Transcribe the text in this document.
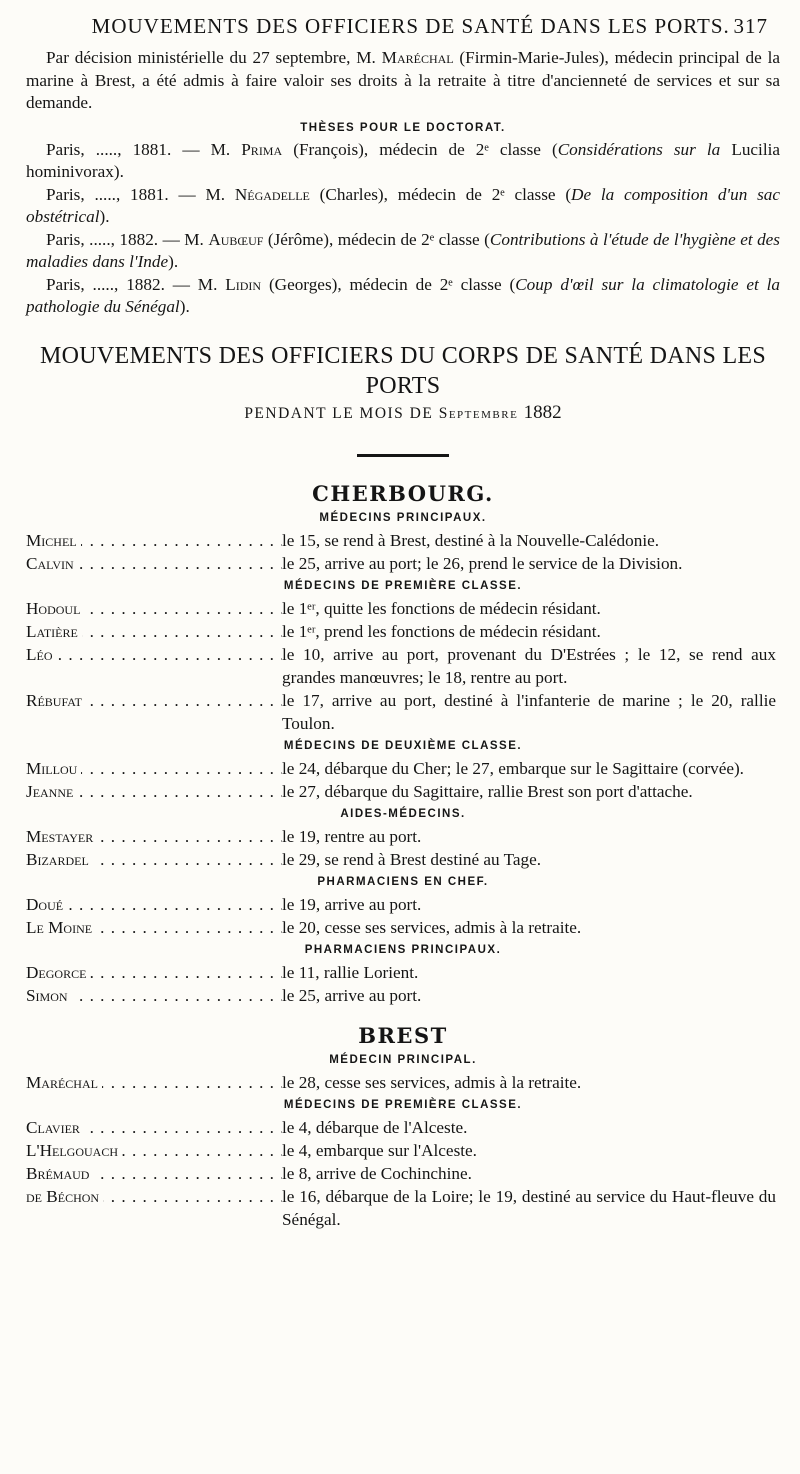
MOUVEMENTS DES OFFICIERS DE SANTÉ DANS LES PORTS. 317

Par décision ministérielle du 27 septembre, M. Maréchal (Firmin-Marie-Jules), médecin principal de la marine à Brest, a été admis à faire valoir ses droits à la retraite à titre d'ancienneté de services et sur sa demande.

THÈSES POUR LE DOCTORAT.

Paris, ....., 1881. — M. Prima (François), médecin de 2ᵉ classe (Considérations sur la Lucilia hominivorax).

Paris, ....., 1881. — M. Négadelle (Charles), médecin de 2ᵉ classe (De la composition d'un sac obstétrical).

Paris, ....., 1882. — M. Aubœuf (Jérôme), médecin de 2ᵉ classe (Contributions à l'étude de l'hygiène et des maladies dans l'Inde).

Paris, ....., 1882. — M. Lidin (Georges), médecin de 2ᵉ classe (Coup d'œil sur la climatologie et la pathologie du Sénégal).

MOUVEMENTS DES OFFICIERS DU CORPS DE SANTÉ DANS LES PORTS
PENDANT LE MOIS DE Septembre 1882
CHERBOURG.
MÉDECINS PRINCIPAUX.
Michel . . .	le 15, se rend à Brest, destiné à la Nouvelle-Calédonie.
Calvin . . .	le 25, arrive au port; le 26, prend le service de la Division.
MÉDECINS DE PREMIÈRE CLASSE.
Hodoul . . .	le 1ᵉʳ, quitte les fonctions de médecin résidant.
Latière . . .	le 1ᵉʳ, prend les fonctions de médecin résidant.
Léo . . .	le 10, arrive au port, provenant du D'Estrées ; le 12, se rend aux grandes manœuvres; le 18, rentre au port.
Rébufat . . .	le 17, arrive au port, destiné à l'infanterie de marine ; le 20, rallie Toulon.
MÉDECINS DE DEUXIÈME CLASSE.
Millou . . .	le 24, débarque du Cher; le 27, embarque sur le Sagittaire (corvée).
Jeanne . . .	le 27, débarque du Sagittaire, rallie Brest son port d'attache.
AIDES-MÉDECINS.
Mestayer . . .	le 19, rentre au port.
Bizardel . . .	le 29, se rend à Brest destiné au Tage.
PHARMACIENS EN CHEF.
Doué . . .	le 19, arrive au port.
Le Moine . . .	le 20, cesse ses services, admis à la retraite.
PHARMACIENS PRINCIPAUX.
Degorce . . .	le 11, rallie Lorient.
Simon . . .	le 25, arrive au port.
BREST
MÉDECIN PRINCIPAL.
Maréchal . . .	le 28, cesse ses services, admis à la retraite.
MÉDECINS DE PREMIÈRE CLASSE.
Clavier . . .	le 4, débarque de l'Alceste.
L'Helgouach . . .	le 4, embarque sur l'Alceste.
Brémaud . . .	le 8, arrive de Cochinchine.
de Béchon . . .	le 16, débarque de la Loire; le 19, destiné au service du Haut-fleuve du Sénégal.
